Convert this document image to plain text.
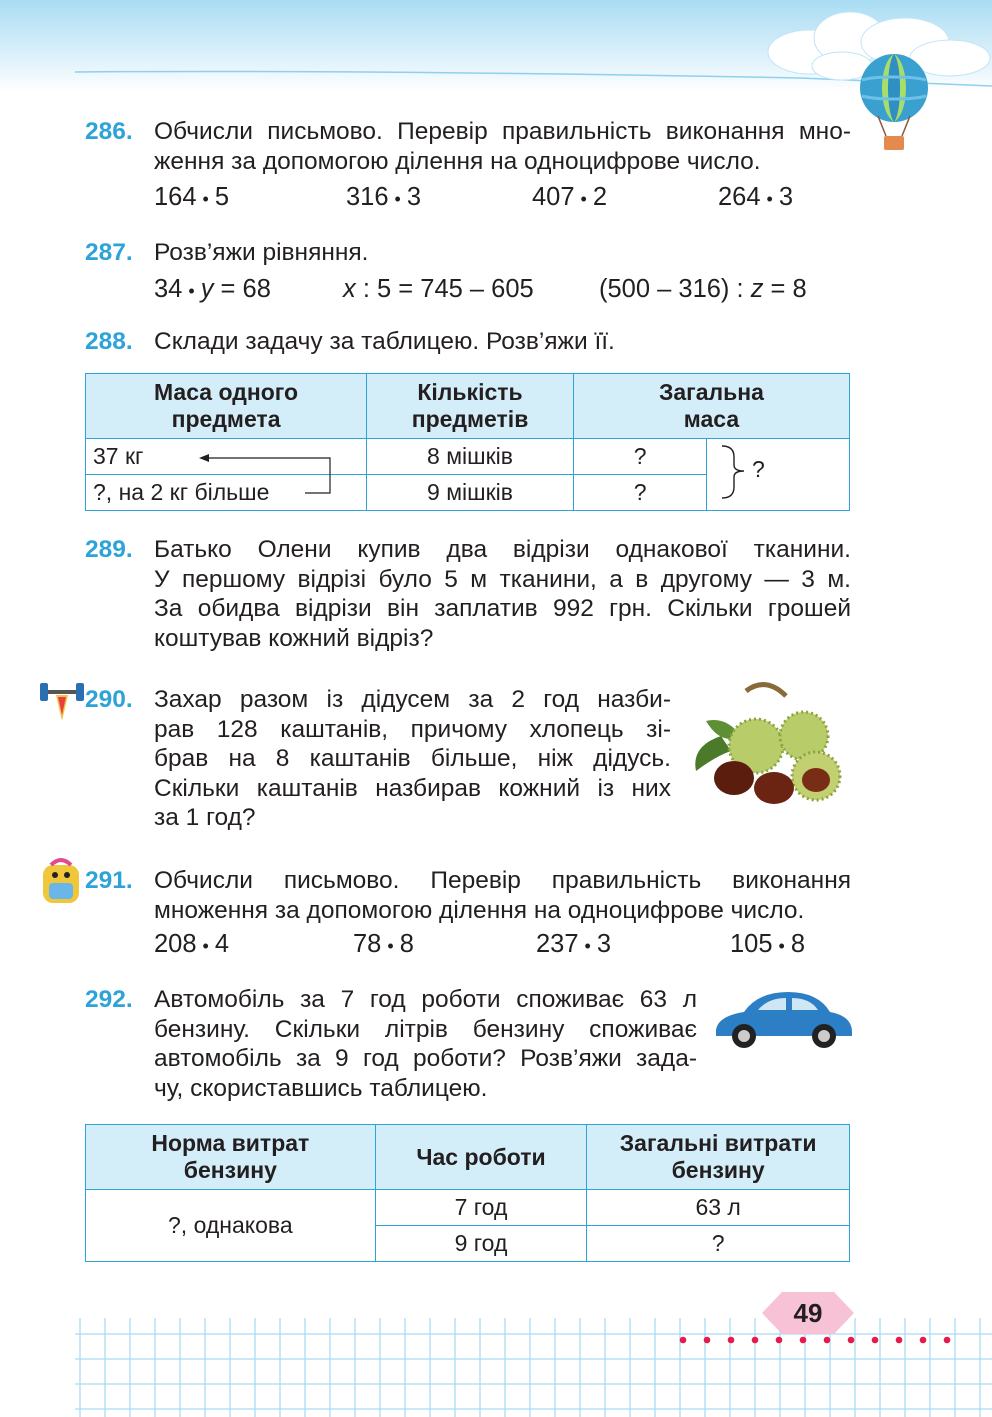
286. Обчисли письмово. Перевір правильність виконання мно-

ження за допомогою ділення на одноцифрове число.

164 • 5	316 • 3	407 • 2	264 • 3
287. Розв’яжи рівняння.

34 • у = 68	х : 5 = 745 – 605	(500 – 316) : z = 8
288. Склади задачу за таблицею. Розв’яжи її.

Маса одного предмета	Кількість предметів	Загальна маса	
37 кг	8 мішків	?	
?, на 2 кг більше	9 мішків	?	
?
289. Батько Олени купив два відрізи однакової тканини.

У першому відрізі було 5 м тканини, а в другому — 3 м.

За обидва відрізи він заплатив 992 грн. Скільки грошей

коштував кожний відріз?

290. Захар разом із дідусем за 2 год назби-

рав 128 каштанів, причому хлопець зі-

брав на 8 каштанів більше, ніж дідусь.

Скільки каштанів назбирав кожний із них

за 1 год?

291. Обчисли письмово. Перевір правильність виконання

множення за допомогою ділення на одноцифрове число.

208 • 4	78 • 8	237 • 3	105 • 8
292. Автомобіль за 7 год роботи споживає 63 л

бензину. Скільки літрів бензину споживає

автомобіль за 9 год роботи? Розв’яжи зада-

чу, скориставшись таблицею.

Норма витрат бензину	Час роботи	Загальні витрати бензину
?, однакова	7 год	63 л
	9 год	?
49
